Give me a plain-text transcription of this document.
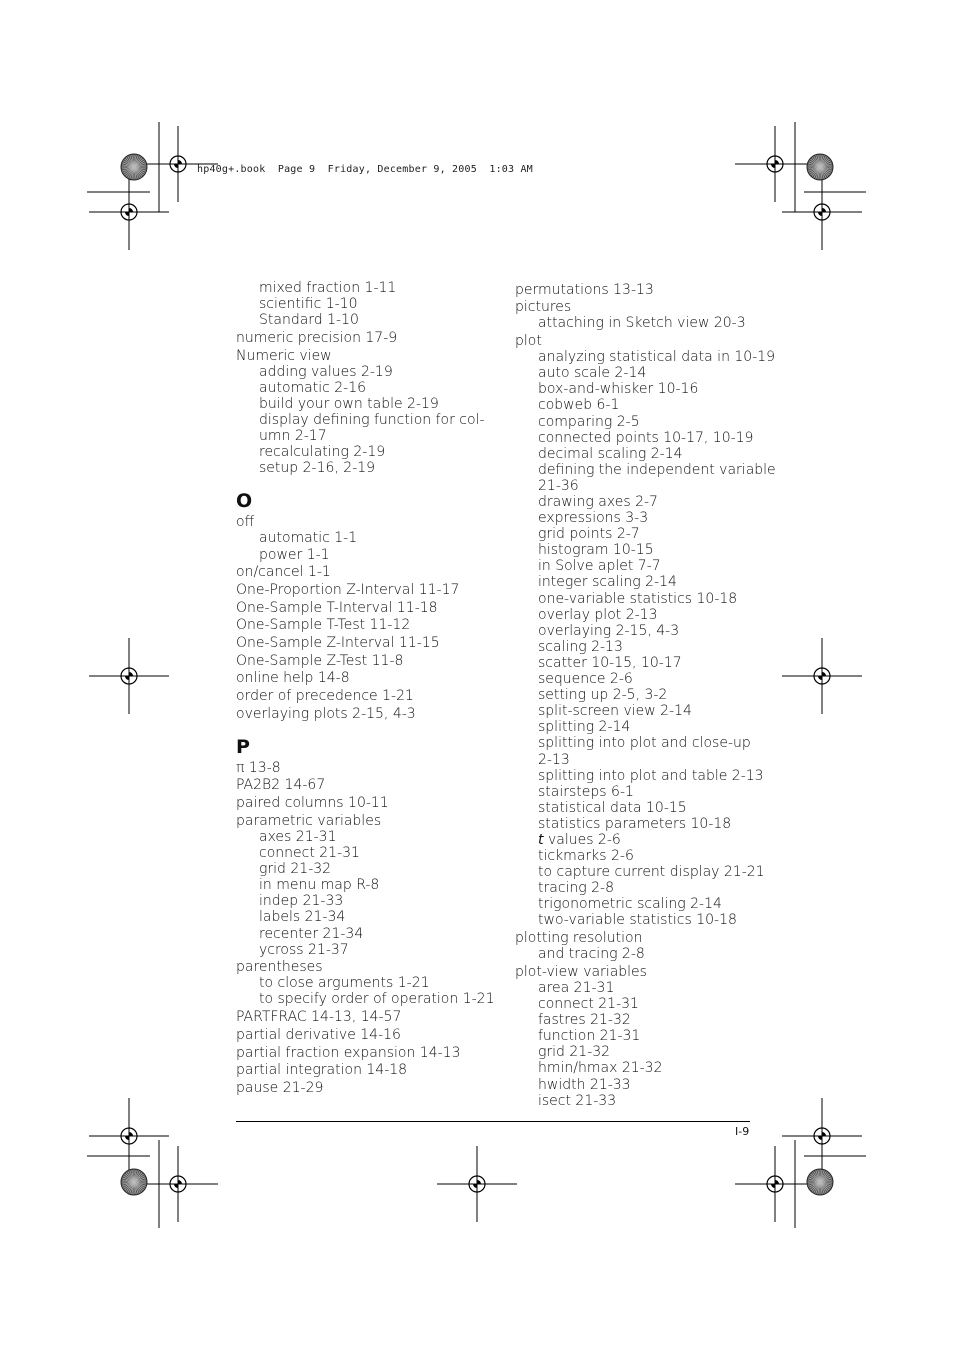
hp40g+.book  Page 9  Friday, December 9, 2005  1:03 AM
mixed fraction 1-11
scientific 1-10
Standard 1-10
numeric precision 17-9
Numeric view
adding values 2-19
automatic 2-16
build your own table 2-19
display defining function for col-
umn 2-17
recalculating 2-19
setup 2-16, 2-19
O
off
automatic 1-1
power 1-1
on/cancel 1-1
One-Proportion Z-Interval 11-17
One-Sample T-Interval 11-18
One-Sample T-Test 11-12
One-Sample Z-Interval 11-15
One-Sample Z-Test 11-8
online help 14-8
order of precedence 1-21
overlaying plots 2-15, 4-3
P
π 13-8
PA2B2 14-67
paired columns 10-11
parametric variables
axes 21-31
connect 21-31
grid 21-32
in menu map R-8
indep 21-33
labels 21-34
recenter 21-34
ycross 21-37
parentheses
to close arguments 1-21
to specify order of operation 1-21
PARTFRAC 14-13, 14-57
partial derivative 14-16
partial fraction expansion 14-13
partial integration 14-18
pause 21-29
permutations 13-13
pictures
attaching in Sketch view 20-3
plot
analyzing statistical data in 10-19
auto scale 2-14
box-and-whisker 10-16
cobweb 6-1
comparing 2-5
connected points 10-17, 10-19
decimal scaling 2-14
defining the independent variable
21-36
drawing axes 2-7
expressions 3-3
grid points 2-7
histogram 10-15
in Solve aplet 7-7
integer scaling 2-14
one-variable statistics 10-18
overlay plot 2-13
overlaying 2-15, 4-3
scaling 2-13
scatter 10-15, 10-17
sequence 2-6
setting up 2-5, 3-2
split-screen view 2-14
splitting 2-14
splitting into plot and close-up
2-13
splitting into plot and table 2-13
stairsteps 6-1
statistical data 10-15
statistics parameters 10-18
t values 2-6
tickmarks 2-6
to capture current display 21-21
tracing 2-8
trigonometric scaling 2-14
two-variable statistics 10-18
plotting resolution
and tracing 2-8
plot-view variables
area 21-31
connect 21-31
fastres 21-32
function 21-31
grid 21-32
hmin/hmax 21-32
hwidth 21-33
isect 21-33
I-9
